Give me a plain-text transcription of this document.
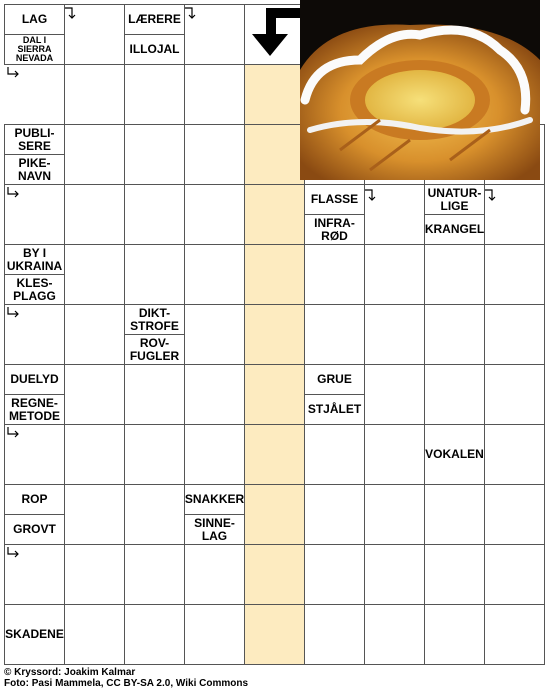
LAG
DAL I
SIERRA
NEVADA
LÆRERE
ILLOJAL
PUBLI-
SERE
PIKE-
NAVN
FLASSE
INFRA-
RØD
UNATUR-
LIGE
KRANGEL
BY I
UKRAINA
KLES-
PLAGG
DIKT-
STROFE
ROV-
FUGLER
DUELYD
REGNE-
METODE
GRUE
STJÅLET
VOKALEN
ROP
GROVT
SNAKKER
SINNE-
LAG
SKADENE
© Kryssord: Joakim Kalmar
Foto: Pasi Mammela, CC BY-SA 2.0, Wiki Commons
